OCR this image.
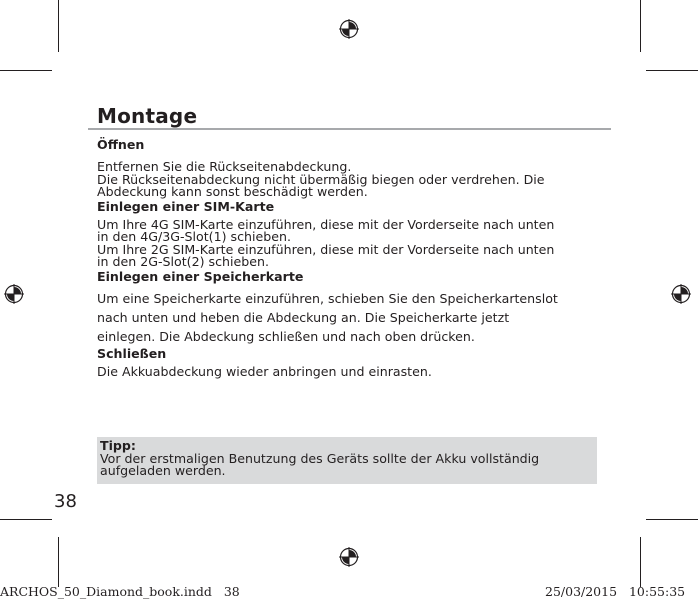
Montage
Öffnen
Entfernen Sie die Rückseitenabdeckung.
Die Rückseitenabdeckung nicht übermäßig biegen oder verdrehen. Die
Abdeckung kann sonst beschädigt werden.
Einlegen einer SIM-Karte
Um Ihre 4G SIM-Karte einzuführen, diese mit der Vorderseite nach unten
in den 4G/3G-Slot(1) schieben.
Um Ihre 2G SIM-Karte einzuführen, diese mit der Vorderseite nach unten
in den 2G-Slot(2) schieben.
Einlegen einer Speicherkarte
Um eine Speicherkarte einzuführen, schieben Sie den Speicherkartenslot
nach unten und heben die Abdeckung an. Die Speicherkarte jetzt
einlegen. Die Abdeckung schließen und nach oben drücken.
Schließen
Die Akkuabdeckung wieder anbringen und einrasten.
Tipp:
Vor der erstmaligen Benutzung des Geräts sollte der Akku vollständig
aufgeladen werden.
38
ARCHOS_50_Diamond_book.indd   38	25/03/2015   10:55:35
